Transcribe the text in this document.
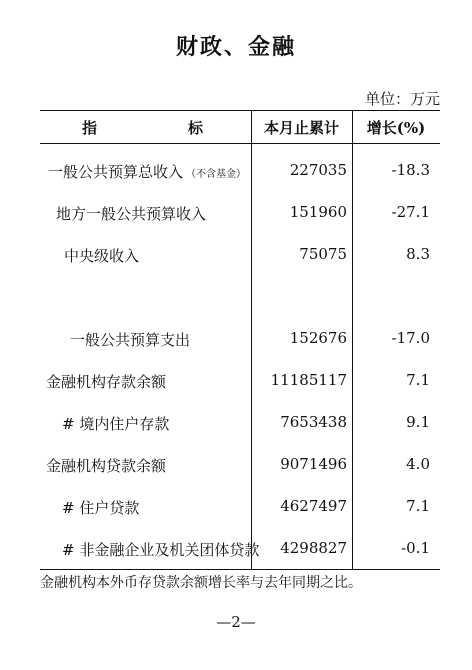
财政、金融
单位：万元
指	标	本月止累计	增长(%)
一般公共预算总收入 （不含基金）	227035	-18.3
地方一般公共预算收入	151960	-27.1
中央级收入	75075	8.3
一般公共预算支出	152676	-17.0
金融机构存款余额	11185117	7.1
# 境内住户存款	7653438	9.1
金融机构贷款余额	9071496	4.0
# 住户贷款	4627497	7.1
# 非金融企业及机关团体贷款 4298827	-0.1
金融机构本外币存贷款余额增长率与去年同期之比。
—2—
